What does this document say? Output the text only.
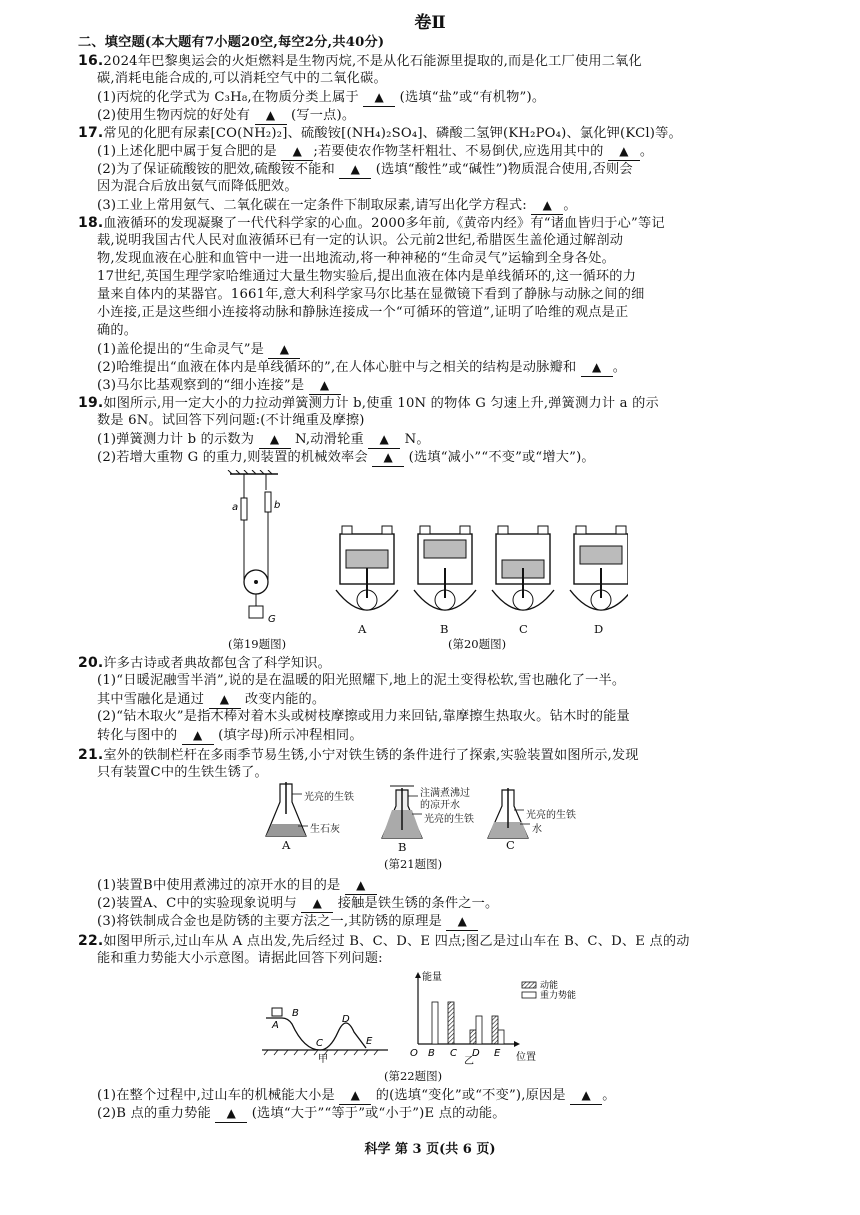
卷Ⅱ
二、填空题(本大题有7小题20空,每空2分,共40分)
16.2024年巴黎奥运会的火炬燃料是生物丙烷,不是从化石能源里提取的,而是化工厂使用二氧化
碳,消耗电能合成的,可以消耗空气中的二氧化碳。
(1)丙烷的化学式为 C₃H₈,在物质分类上属于 ▲ (选填“盐”或“有机物”)。
(2)使用生物丙烷的好处有 ▲ (写一点)。
17.常见的化肥有尿素[CO(NH₂)₂]、硫酸铵[(NH₄)₂SO₄]、磷酸二氢钾(KH₂PO₄)、氯化钾(KCl)等。
(1)上述化肥中属于复合肥的是 ▲ ;若要使农作物茎杆粗壮、不易倒伏,应选用其中的 ▲ 。
(2)为了保证硫酸铵的肥效,硫酸铵不能和 ▲ (选填“酸性”或“碱性”)物质混合使用,否则会
因为混合后放出氨气而降低肥效。
(3)工业上常用氨气、二氧化碳在一定条件下制取尿素,请写出化学方程式: ▲ 。
18.血液循环的发现凝聚了一代代科学家的心血。2000多年前,《黄帝内经》有“诸血皆归于心”等记
载,说明我国古代人民对血液循环已有一定的认识。公元前2世纪,希腊医生盖伦通过解剖动
物,发现血液在心脏和血管中一进一出地流动,将一种神秘的“生命灵气”运输到全身各处。
17世纪,英国生理学家哈维通过大量生物实验后,提出血液在体内是单线循环的,这一循环的力
量来自体内的某器官。1661年,意大利科学家马尔比基在显微镜下看到了静脉与动脉之间的细
小连接,正是这些细小连接将动脉和静脉连接成一个“可循环的管道”,证明了哈维的观点是正
确的。
(1)盖伦提出的“生命灵气”是 ▲
(2)哈维提出“血液在体内是单线循环的”,在人体心脏中与之相关的结构是动脉瓣和 ▲ 。
(3)马尔比基观察到的“细小连接”是 ▲
19.如图所示,用一定大小的力拉动弹簧测力计 b,使重 10N 的物体 G 匀速上升,弹簧测力计 a 的示
数是 6N。试回答下列问题:(不计绳重及摩擦)
(1)弹簧测力计 b 的示数为 ▲ N,动滑轮重 ▲ N。
(2)若增大重物 G 的重力,则装置的机械效率会 ▲ (选填“减小”“不变”或“增大”)。
a	b
G
(第19题图)
A	B	C	D
(第20题图)
20.许多古诗或者典故都包含了科学知识。
(1)“日暖泥融雪半消”,说的是在温暖的阳光照耀下,地上的泥土变得松软,雪也融化了一半。
其中雪融化是通过 ▲ 改变内能的。
(2)“钻木取火”是指木棒对着木头或树枝摩擦或用力来回钻,靠摩擦生热取火。钻木时的能量
转化与图中的 ▲ (填字母)所示冲程相同。
21.室外的铁制栏杆在多雨季节易生锈,小宁对铁生锈的条件进行了探索,实验装置如图所示,发现
只有装置C中的生铁生锈了。
光亮的生铁
生石灰
A
注满煮沸过
的凉开水
光亮的生铁
B
光亮的生铁
水
C
(第21题图)
(1)装置B中使用煮沸过的凉开水的目的是 ▲
(2)装置A、C中的实验现象说明与 ▲ 接触是铁生锈的条件之一。
(3)将铁制成合金也是防锈的主要方法之一,其防锈的原理是 ▲
22.如图甲所示,过山车从 A 点出发,先后经过 B、C、D、E 四点;图乙是过山车在 B、C、D、E 点的动
能和重力势能大小示意图。请据此回答下列问题:
A
B
C
D
E
甲
能量
位置
O
动能
重力势能
B C D E
乙
(第22题图)
(1)在整个过程中,过山车的机械能大小是 ▲ 的(选填“变化”或“不变”),原因是 ▲ 。
(2)B 点的重力势能 ▲ (选填“大于”“等于”或“小于”)E 点的动能。
科学 第 3 页(共 6 页)
